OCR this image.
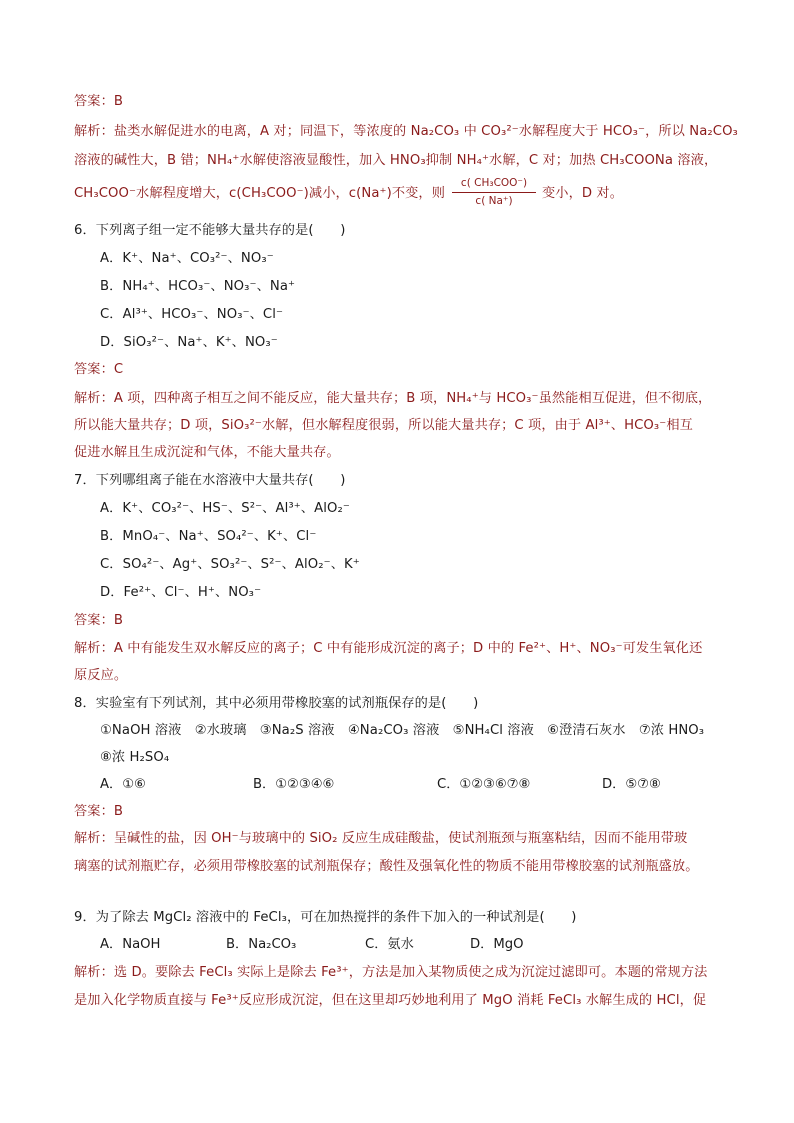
答案：B
解析：盐类水解促进水的电离，A 对；同温下，等浓度的 Na₂CO₃ 中 CO₃²⁻水解程度大于 HCO₃⁻，所以 Na₂CO₃
溶液的碱性大，B 错；NH₄⁺水解使溶液显酸性，加入 HNO₃抑制 NH₄⁺水解，C 对；加热 CH₃COONa 溶液，
CH₃COO⁻水解程度增大，c(CH₃COO⁻)减小，c(Na⁺)不变，则
c( CH₃COO⁻)
c( Na⁺)	变小，D 对。
6．下列离子组一定不能够大量共存的是(　　)
A．K⁺、Na⁺、CO₃²⁻、NO₃⁻
B．NH₄⁺、HCO₃⁻、NO₃⁻、Na⁺
C．Al³⁺、HCO₃⁻、NO₃⁻、Cl⁻
D．SiO₃²⁻、Na⁺、K⁺、NO₃⁻
答案：C
解析：A 项，四种离子相互之间不能反应，能大量共存；B 项，NH₄⁺与 HCO₃⁻虽然能相互促进，但不彻底，
所以能大量共存；D 项，SiO₃²⁻水解，但水解程度很弱，所以能大量共存；C 项，由于 Al³⁺、HCO₃⁻相互
促进水解且生成沉淀和气体，不能大量共存。
7．下列哪组离子能在水溶液中大量共存(　　)
A．K⁺、CO₃²⁻、HS⁻、S²⁻、Al³⁺、AlO₂⁻
B．MnO₄⁻、Na⁺、SO₄²⁻、K⁺、Cl⁻
C．SO₄²⁻、Ag⁺、SO₃²⁻、S²⁻、AlO₂⁻、K⁺
D．Fe²⁺、Cl⁻、H⁺、NO₃⁻
答案：B
解析：A 中有能发生双水解反应的离子；C 中有能形成沉淀的离子；D 中的 Fe²⁺、H⁺、NO₃⁻可发生氧化还
原反应。
8．实验室有下列试剂，其中必须用带橡胶塞的试剂瓶保存的是(　　)
①NaOH 溶液　②水玻璃　③Na₂S 溶液　④Na₂CO₃ 溶液　⑤NH₄Cl 溶液　⑥澄清石灰水　⑦浓 HNO₃
⑧浓 H₂SO₄
A．①⑥	B．①②③④⑥	C．①②③⑥⑦⑧	D．⑤⑦⑧
答案：B
解析：呈碱性的盐，因 OH⁻与玻璃中的 SiO₂ 反应生成硅酸盐，使试剂瓶颈与瓶塞粘结，因而不能用带玻
璃塞的试剂瓶贮存，必须用带橡胶塞的试剂瓶保存；酸性及强氧化性的物质不能用带橡胶塞的试剂瓶盛放。
9．为了除去 MgCl₂ 溶液中的 FeCl₃，可在加热搅拌的条件下加入的一种试剂是(　　)
A．NaOH	B．Na₂CO₃	C．氨水	D．MgO
解析：选 D。要除去 FeCl₃ 实际上是除去 Fe³⁺，方法是加入某物质使之成为沉淀过滤即可。本题的常规方法
是加入化学物质直接与 Fe³⁺反应形成沉淀，但在这里却巧妙地利用了 MgO 消耗 FeCl₃ 水解生成的 HCl，促
